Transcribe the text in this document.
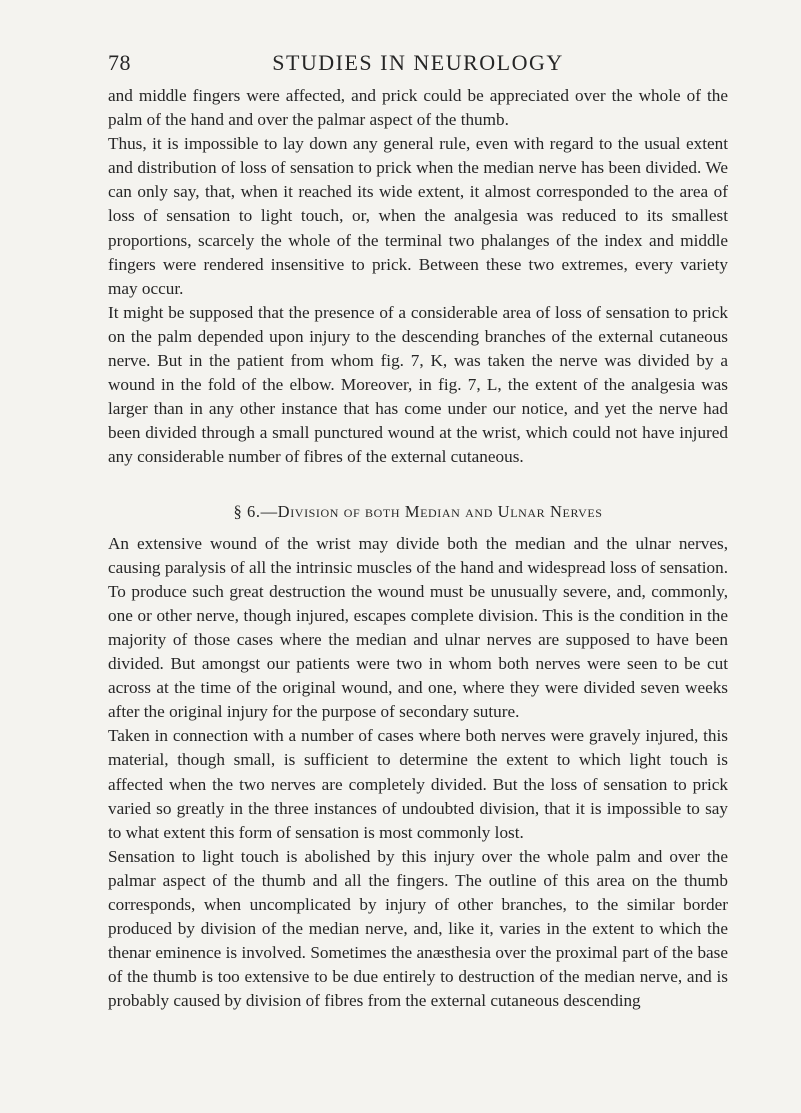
78	STUDIES IN NEUROLOGY

and middle fingers were affected, and prick could be appreciated over the whole of the palm of the hand and over the palmar aspect of the thumb.

Thus, it is impossible to lay down any general rule, even with regard to the usual extent and distribution of loss of sensation to prick when the median nerve has been divided. We can only say, that, when it reached its wide extent, it almost corresponded to the area of loss of sensation to light touch, or, when the analgesia was reduced to its smallest proportions, scarcely the whole of the terminal two phalanges of the index and middle fingers were rendered insensitive to prick. Between these two extremes, every variety may occur.

It might be supposed that the presence of a considerable area of loss of sensation to prick on the palm depended upon injury to the descending branches of the external cutaneous nerve. But in the patient from whom fig. 7, K, was taken the nerve was divided by a wound in the fold of the elbow. Moreover, in fig. 7, L, the extent of the analgesia was larger than in any other instance that has come under our notice, and yet the nerve had been divided through a small punctured wound at the wrist, which could not have injured any considerable number of fibres of the external cutaneous.

§ 6.—Division of both Median and Ulnar Nerves

An extensive wound of the wrist may divide both the median and the ulnar nerves, causing paralysis of all the intrinsic muscles of the hand and widespread loss of sensation. To produce such great destruction the wound must be unusually severe, and, commonly, one or other nerve, though injured, escapes complete division. This is the condition in the majority of those cases where the median and ulnar nerves are supposed to have been divided. But amongst our patients were two in whom both nerves were seen to be cut across at the time of the original wound, and one, where they were divided seven weeks after the original injury for the purpose of secondary suture.

Taken in connection with a number of cases where both nerves were gravely injured, this material, though small, is sufficient to determine the extent to which light touch is affected when the two nerves are completely divided. But the loss of sensation to prick varied so greatly in the three instances of undoubted division, that it is impossible to say to what extent this form of sensation is most commonly lost.

Sensation to light touch is abolished by this injury over the whole palm and over the palmar aspect of the thumb and all the fingers. The outline of this area on the thumb corresponds, when uncomplicated by injury of other branches, to the similar border produced by division of the median nerve, and, like it, varies in the extent to which the thenar eminence is involved. Sometimes the anæsthesia over the proximal part of the base of the thumb is too extensive to be due entirely to destruction of the median nerve, and is probably caused by division of fibres from the external cutaneous descending
